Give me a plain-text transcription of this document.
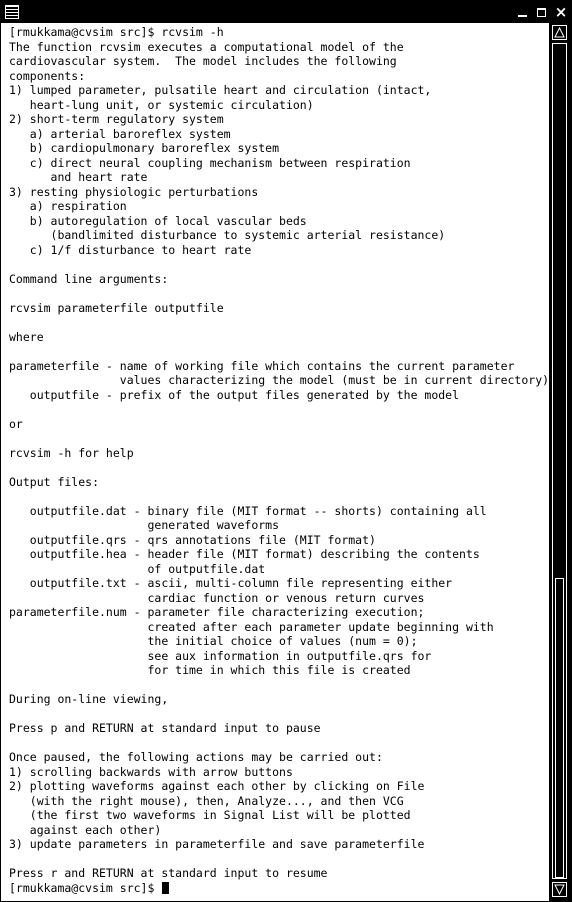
×
[rmukkama@cvsim src]$ rcvsim -h
The function rcvsim executes a computational model of the
cardiovascular system.  The model includes the following
components:
1) lumped parameter, pulsatile heart and circulation (intact,
heart-lung unit, or systemic circulation)
2) short-term regulatory system
a) arterial baroreflex system
b) cardiopulmonary baroreflex system
c) direct neural coupling mechanism between respiration
and heart rate
3) resting physiologic perturbations
a) respiration
b) autoregulation of local vascular beds
(bandlimited disturbance to systemic arterial resistance)
c) 1/f disturbance to heart rate

Command line arguments:

rcvsim parameterfile outputfile

where

parameterfile - name of working file which contains the current parameter
values characterizing the model (must be in current directory)
outputfile - prefix of the output files generated by the model

or

rcvsim -h for help

Output files:

outputfile.dat - binary file (MIT format -- shorts) containing all
generated waveforms
outputfile.qrs - qrs annotations file (MIT format)
outputfile.hea - header file (MIT format) describing the contents
of outputfile.dat
outputfile.txt - ascii, multi-column file representing either
cardiac function or venous return curves
parameterfile.num - parameter file characterizing execution;
created after each parameter update beginning with
the initial choice of values (num = 0);
see aux information in outputfile.qrs for
for time in which this file is created

During on-line viewing,

Press p and RETURN at standard input to pause

Once paused, the following actions may be carried out:
1) scrolling backwards with arrow buttons
2) plotting waveforms against each other by clicking on File
(with the right mouse), then, Analyze..., and then VCG
(the first two waveforms in Signal List will be plotted
against each other)
3) update parameters in parameterfile and save parameterfile

Press r and RETURN at standard input to resume
[rmukkama@cvsim src]$
